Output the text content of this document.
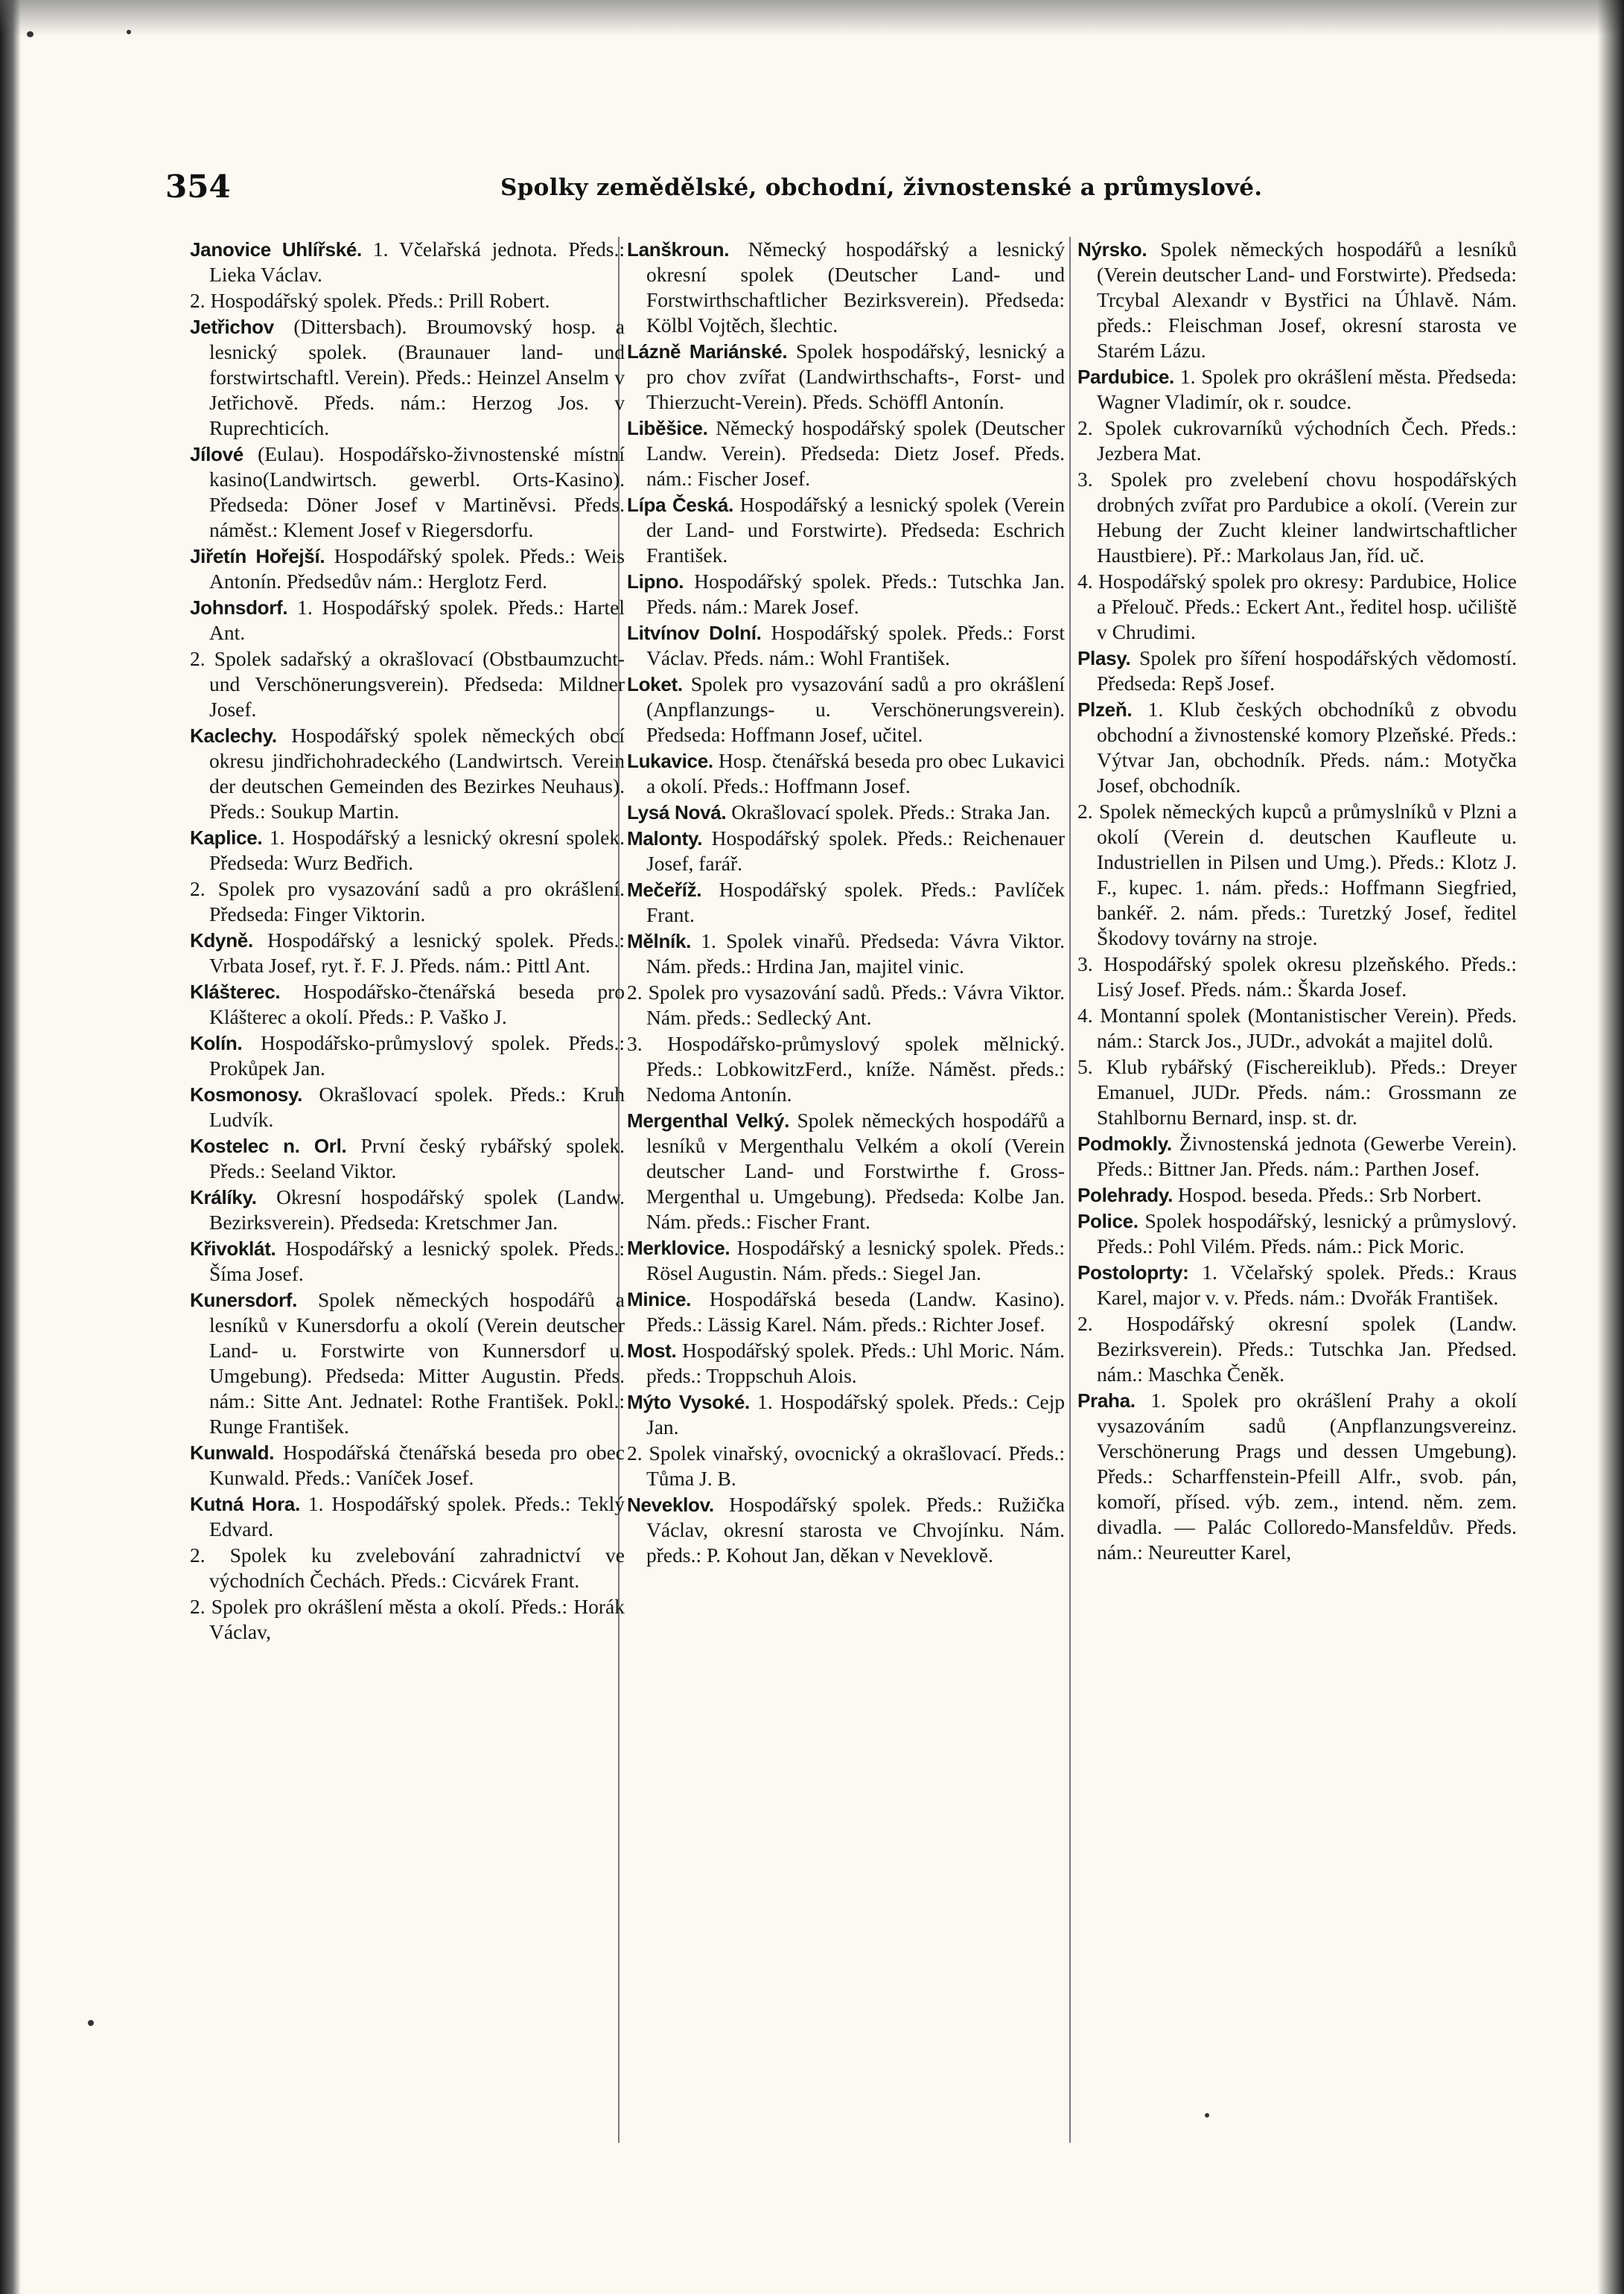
354	Spolky zemědělské, obchodní, živnostenské a průmyslové.

Janovice Uhlířské. 1. Včelařská jednota. Předs.: Lieka Václav.

2. Hospodářský spolek. Předs.: Prill Robert.

Jetřichov (Dittersbach). Broumovský hosp. a lesnický spolek. (Braunauer land- und forstwirtschaftl. Verein). Předs.: Heinzel Anselm v Jetřichově. Předs. nám.: Herzog Jos. v Ruprechticích.

Jílové (Eulau). Hospodářsko-živnostenské místní kasino(Landwirtsch. gewerbl. Orts-Kasino). Předseda: Döner Josef v Martiněvsi. Předs. náměst.: Klement Josef v Riegersdorfu.

Jiřetín Hořejší. Hospodářský spolek. Předs.: Weis Antonín. Předsedův nám.: Herglotz Ferd.

Johnsdorf. 1. Hospodářský spolek. Předs.: Hartel Ant.

2. Spolek sadařský a okrašlovací (Obstbaumzucht- und Verschönerungsverein). Předseda: Mildner Josef.

Kaclechy. Hospodářský spolek německých obcí okresu jindřichohradeckého (Landwirtsch. Verein der deutschen Gemeinden des Bezirkes Neuhaus). Předs.: Soukup Martin.

Kaplice. 1. Hospodářský a lesnický okresní spolek. Předseda: Wurz Bedřich.

2. Spolek pro vysazování sadů a pro okrášlení. Předseda: Finger Viktorin.

Kdyně. Hospodářský a lesnický spolek. Předs.: Vrbata Josef, ryt. ř. F. J. Předs. nám.: Pittl Ant.

Klášterec. Hospodářsko-čtenářská beseda pro Klášterec a okolí. Předs.: P. Vaško J.

Kolín. Hospodářsko-průmyslový spolek. Předs.: Prokůpek Jan.

Kosmonosy. Okrašlovací spolek. Předs.: Kruh Ludvík.

Kostelec n. Orl. První český rybářský spolek. Předs.: Seeland Viktor.

Králíky. Okresní hospodářský spolek (Landw. Bezirksverein). Předseda: Kretschmer Jan.

Křivoklát. Hospodářský a lesnický spolek. Předs.: Šíma Josef.

Kunersdorf. Spolek německých hospodářů a lesníků v Kunersdorfu a okolí (Verein deutscher Land- u. Forstwirte von Kunnersdorf u. Umgebung). Předseda: Mitter Augustin. Předs. nám.: Sitte Ant. Jednatel: Rothe František. Pokl.: Runge František.

Kunwald. Hospodářská čtenářská beseda pro obec Kunwald. Předs.: Vaníček Josef.

Kutná Hora. 1. Hospodářský spolek. Předs.: Teklý Edvard.

2. Spolek ku zvelebování zahradnictví ve východních Čechách. Předs.: Cicvárek Frant.

2. Spolek pro okrášlení města a okolí. Předs.: Horák Václav,

Lanškroun. Německý hospodářský a lesnický okresní spolek (Deutscher Land- und Forstwirthschaftlicher Bezirksverein). Předseda: Kölbl Vojtěch, šlechtic.

Lázně Mariánské. Spolek hospodářský, lesnický a pro chov zvířat (Landwirthschafts-, Forst- und Thierzucht-Verein). Předs. Schöffl Antonín.

Liběšice. Německý hospodářský spolek (Deutscher Landw. Verein). Předseda: Dietz Josef. Předs. nám.: Fischer Josef.

Lípa Česká. Hospodářský a lesnický spolek (Verein der Land- und Forstwirte). Předseda: Eschrich František.

Lipno. Hospodářský spolek. Předs.: Tutschka Jan. Předs. nám.: Marek Josef.

Litvínov Dolní. Hospodářský spolek. Předs.: Forst Václav. Předs. nám.: Wohl František.

Loket. Spolek pro vysazování sadů a pro okrášlení (Anpflanzungs- u. Verschönerungsverein). Předseda: Hoffmann Josef, učitel.

Lukavice. Hosp. čtenářská beseda pro obec Lukavici a okolí. Předs.: Hoffmann Josef.

Lysá Nová. Okrašlovací spolek. Předs.: Straka Jan.

Malonty. Hospodářský spolek. Předs.: Reichenauer Josef, farář.

Mečeříž. Hospodářský spolek. Předs.: Pavlíček Frant.

Mělník. 1. Spolek vinařů. Předseda: Vávra Viktor. Nám. předs.: Hrdina Jan, majitel vinic.

2. Spolek pro vysazování sadů. Předs.: Vávra Viktor. Nám. předs.: Sedlecký Ant.

3. Hospodářsko-průmyslový spolek mělnický. Předs.: LobkowitzFerd., kníže. Náměst. předs.: Nedoma Antonín.

Mergenthal Velký. Spolek německých hospodářů a lesníků v Mergenthalu Velkém a okolí (Verein deutscher Land- und Forstwirthe f. Gross-Mergenthal u. Umgebung). Předseda: Kolbe Jan. Nám. předs.: Fischer Frant.

Merklovice. Hospodářský a lesnický spolek. Předs.: Rösel Augustin. Nám. předs.: Siegel Jan.

Minice. Hospodářská beseda (Landw. Kasino). Předs.: Lässig Karel. Nám. předs.: Richter Josef.

Most. Hospodářský spolek. Předs.: Uhl Moric. Nám. předs.: Troppschuh Alois.

Mýto Vysoké. 1. Hospodářský spolek. Předs.: Cejp Jan.

2. Spolek vinařský, ovocnický a okrašlovací. Předs.: Tůma J. B.

Neveklov. Hospodářský spolek. Předs.: Ružička Václav, okresní starosta ve Chvojínku. Nám. předs.: P. Kohout Jan, děkan v Neveklově.

Nýrsko. Spolek německých hospodářů a lesníků (Verein deutscher Land- und Forstwirte). Předseda: Trcybal Alexandr v Bystřici na Úhlavě. Nám. předs.: Fleischman Josef, okresní starosta ve Starém Lázu.

Pardubice. 1. Spolek pro okrášlení města. Předseda: Wagner Vladimír, ok r. soudce.

2. Spolek cukrovarníků východních Čech. Předs.: Jezbera Mat.

3. Spolek pro zvelebení chovu hospodářských drobných zvířat pro Pardubice a okolí. (Verein zur Hebung der Zucht kleiner landwirtschaftlicher Haustbiere). Př.: Markolaus Jan, říd. uč.

4. Hospodářský spolek pro okresy: Pardubice, Holice a Přelouč. Předs.: Eckert Ant., ředitel hosp. učiliště v Chrudimi.

Plasy. Spolek pro šíření hospodářských vědomostí. Předseda: Repš Josef.

Plzeň. 1. Klub českých obchodníků z obvodu obchodní a živnostenské komory Plzeňské. Předs.: Výtvar Jan, obchodník. Předs. nám.: Motyčka Josef, obchodník.

2. Spolek německých kupců a průmyslníků v Plzni a okolí (Verein d. deutschen Kaufleute u. Industriellen in Pilsen und Umg.). Předs.: Klotz J. F., kupec. 1. nám. předs.: Hoffmann Siegfried, bankéř. 2. nám. předs.: Turetzký Josef, ředitel Škodovy továrny na stroje.

3. Hospodářský spolek okresu plzeňského. Předs.: Lisý Josef. Předs. nám.: Škarda Josef.

4. Montanní spolek (Montanistischer Verein). Předs. nám.: Starck Jos., JUDr., advokát a majitel dolů.

5. Klub rybářský (Fischereiklub). Předs.: Dreyer Emanuel, JUDr. Předs. nám.: Grossmann ze Stahlbornu Bernard, insp. st. dr.

Podmokly. Živnostenská jednota (Gewerbe Verein). Předs.: Bittner Jan. Předs. nám.: Parthen Josef.

Polehrady. Hospod. beseda. Předs.: Srb Norbert.

Police. Spolek hospodářský, lesnický a průmyslový. Předs.: Pohl Vilém. Předs. nám.: Pick Moric.

Postoloprty: 1. Včelařský spolek. Předs.: Kraus Karel, major v. v. Předs. nám.: Dvořák František.

2. Hospodářský okresní spolek (Landw. Bezirksverein). Předs.: Tutschka Jan. Předsed. nám.: Maschka Čeněk.

Praha. 1. Spolek pro okrášlení Prahy a okolí vysazováním sadů (Anpflanzungsvereinz. Verschönerung Prags und dessen Umgebung). Předs.: Scharffenstein-Pfeill Alfr., svob. pán, komoří, přísed. výb. zem., intend. něm. zem. divadla. — Palác Colloredo-Mansfeldův. Předs. nám.: Neureutter Karel,
